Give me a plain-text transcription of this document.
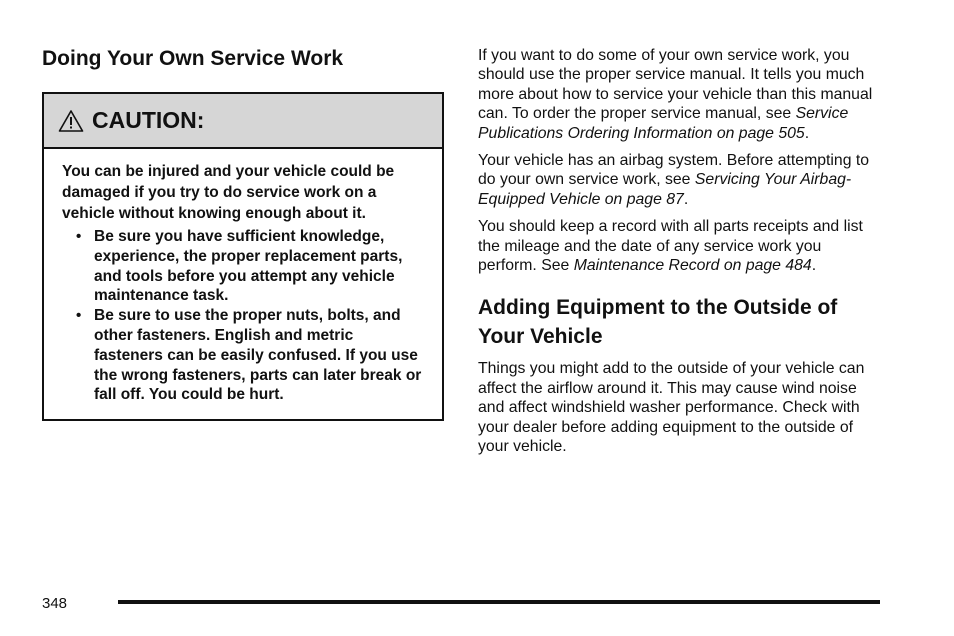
Doing Your Own Service Work
CAUTION:

You can be injured and your vehicle could be damaged if you try to do service work on a vehicle without knowing enough about it.

• Be sure you have sufficient knowledge, experience, the proper replacement parts, and tools before you attempt any vehicle maintenance task.
• Be sure to use the proper nuts, bolts, and other fasteners. English and metric fasteners can be easily confused. If you use the wrong fasteners, parts can later break or fall off. You could be hurt.

If you want to do some of your own service work, you should use the proper service manual. It tells you much more about how to service your vehicle than this manual can. To order the proper service manual, see Service Publications Ordering Information on page 505.

Your vehicle has an airbag system. Before attempting to do your own service work, see Servicing Your Airbag-Equipped Vehicle on page 87.

You should keep a record with all parts receipts and list the mileage and the date of any service work you perform. See Maintenance Record on page 484.

Adding Equipment to the Outside of Your Vehicle

Things you might add to the outside of your vehicle can affect the airflow around it. This may cause wind noise and affect windshield washer performance. Check with your dealer before adding equipment to the outside of your vehicle.

348
